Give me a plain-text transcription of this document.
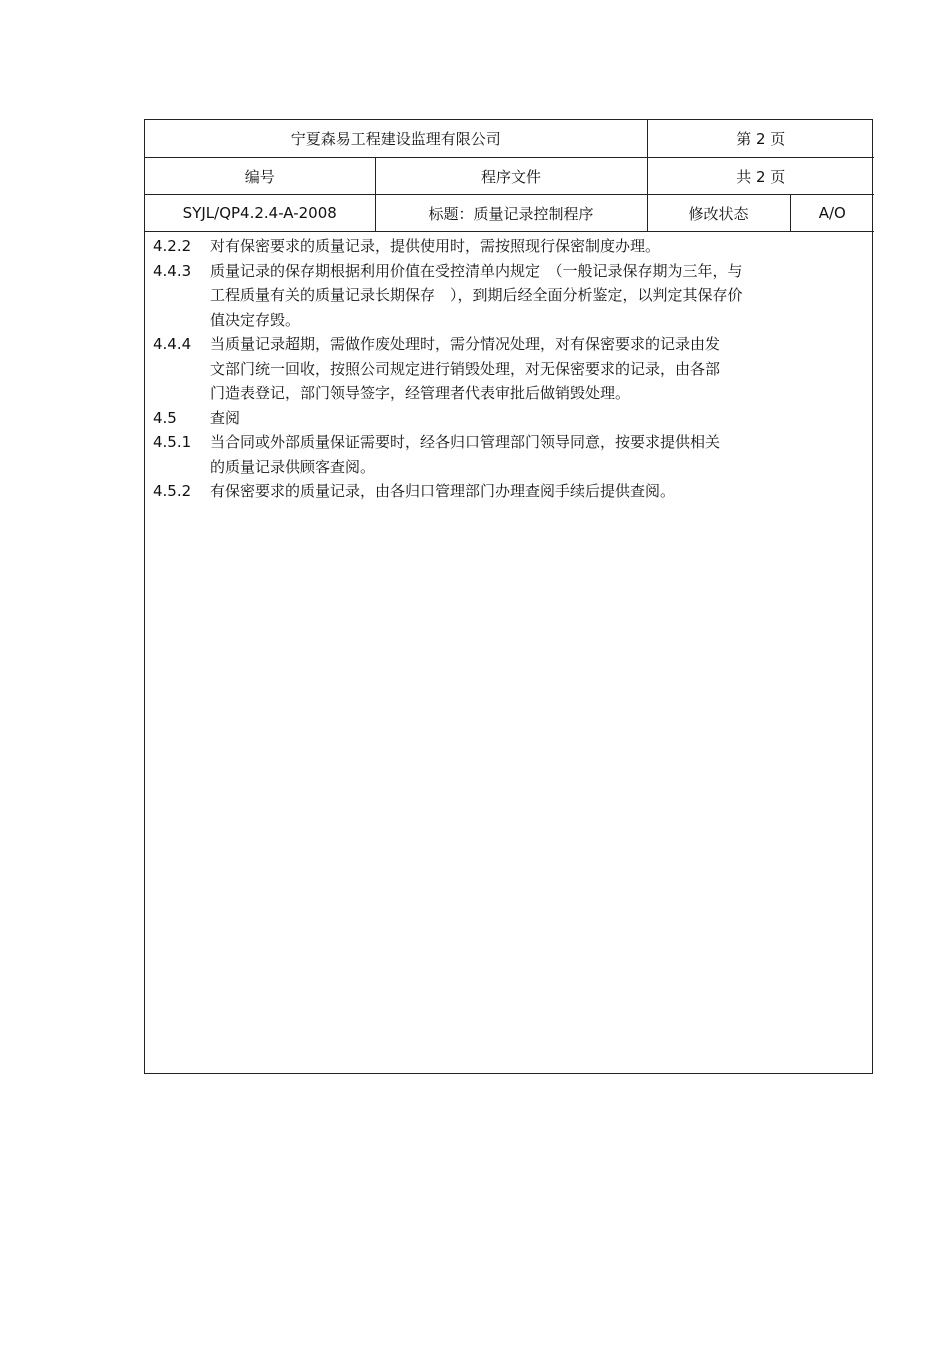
宁夏森易工程建设监理有限公司		第 2 页	
编号	程序文件	共 2 页	
SYJL/QP4.2.4-A-2008	标题：质量记录控制程序	修改状态	A/O
4.2.2	对有保密要求的质量记录，提供使用时，需按照现行保密制度办理。
4.4.3	质量记录的保存期根据利用价值在受控清单内规定　（一般记录保存期为三年，与
工程质量有关的质量记录长期保存　），到期后经全面分析鉴定，以判定其保存价
值决定存毁。
4.4.4	当质量记录超期，需做作废处理时，需分情况处理，对有保密要求的记录由发
文部门统一回收，按照公司规定进行销毁处理，对无保密要求的记录，由各部
门造表登记，部门领导签字，经管理者代表审批后做销毁处理。
4.5	查阅
4.5.1	当合同或外部质量保证需要时，经各归口管理部门领导同意，按要求提供相关
的质量记录供顾客查阅。
4.5.2	有保密要求的质量记录，由各归口管理部门办理查阅手续后提供查阅。
